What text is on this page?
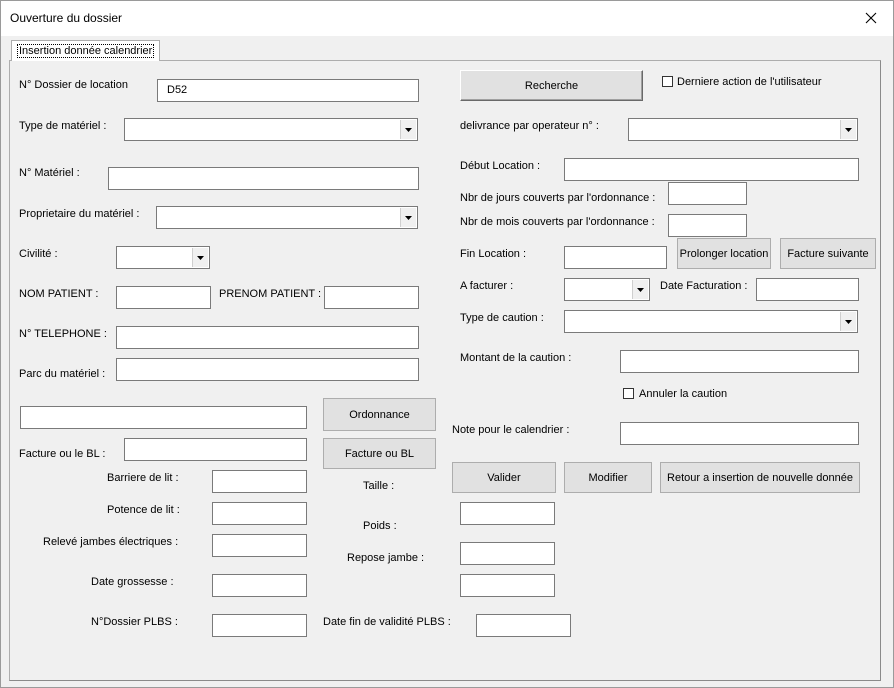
Ouverture du dossier
Insertion donnée calendrier
N° Dossier de location	D52
Type de matériel :
N° Matériel :
Proprietaire du matériel :
Civilité :
NOM PATIENT :	PRENOM PATIENT :
N° TELEPHONE :
Parc du matériel :
Ordonnance
Facture ou le BL :	Facture ou BL
Barriere de lit :
Potence de lit :
Relevé jambes électriques :
Date grossesse :
N°Dossier PLBS :
Taille :
Poids :
Repose jambe :
Date fin de validité PLBS :
Recherche	Derniere action de l'utilisateur
delivrance par operateur n° :
Début Location :
Nbr de jours couverts par l'ordonnance :
Nbr de mois couverts par l'ordonnance :
Fin Location :	Prolonger location	Facture suivante
A facturer :	Date Facturation :
Type de caution :
Montant de la caution :
Annuler la caution
Note pour le calendrier :
Valider	Modifier	Retour a insertion de nouvelle donnée
